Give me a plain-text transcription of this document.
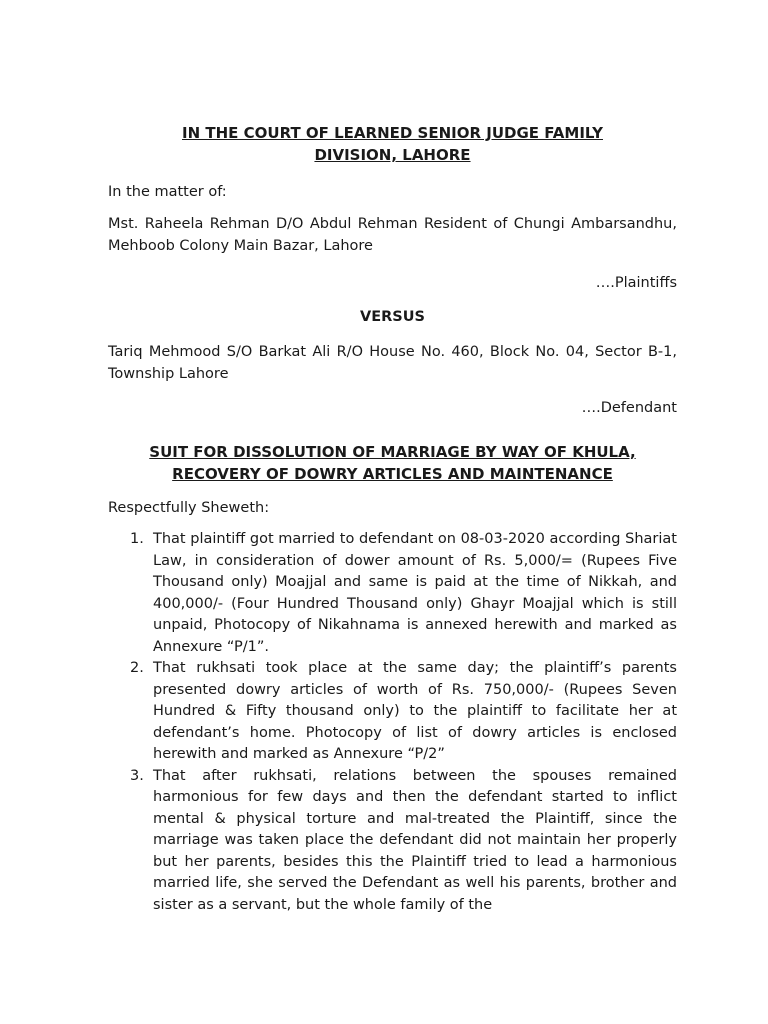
IN THE COURT OF LEARNED SENIOR JUDGE FAMILY
DIVISION, LAHORE
In the matter of:
Mst. Raheela Rehman D/O Abdul Rehman Resident of Chungi Ambarsandhu, Mehboob Colony Main Bazar, Lahore
….Plaintiffs
VERSUS
Tariq Mehmood S/O Barkat Ali R/O House No. 460, Block No. 04, Sector B-1, Township Lahore
….Defendant
SUIT FOR DISSOLUTION OF MARRIAGE BY WAY OF KHULA,
RECOVERY OF DOWRY ARTICLES AND MAINTENANCE
Respectfully Sheweth:
1. That plaintiff got married to defendant on 08-03-2020 according Shariat Law, in consideration of dower amount of Rs. 5,000/= (Rupees Five Thousand only) Moajjal and same is paid at the time of Nikkah, and 400,000/- (Four Hundred Thousand only) Ghayr Moajjal which is still unpaid, Photocopy of Nikahnama is annexed herewith and marked as Annexure “P/1”.
2. That rukhsati took place at the same day; the plaintiff’s parents presented dowry articles of worth of Rs. 750,000/- (Rupees Seven Hundred & Fifty thousand only) to the plaintiff to facilitate her at defendant’s home. Photocopy of list of dowry articles is enclosed herewith and marked as Annexure “P/2”
3. That after rukhsati, relations between the spouses remained harmonious for few days and then the defendant started to inflict mental & physical torture and mal-treated the Plaintiff, since the marriage was taken place the defendant did not maintain her properly but her parents, besides this the Plaintiff tried to lead a harmonious married life, she served the Defendant as well his parents, brother and sister as a servant, but the whole family of the
